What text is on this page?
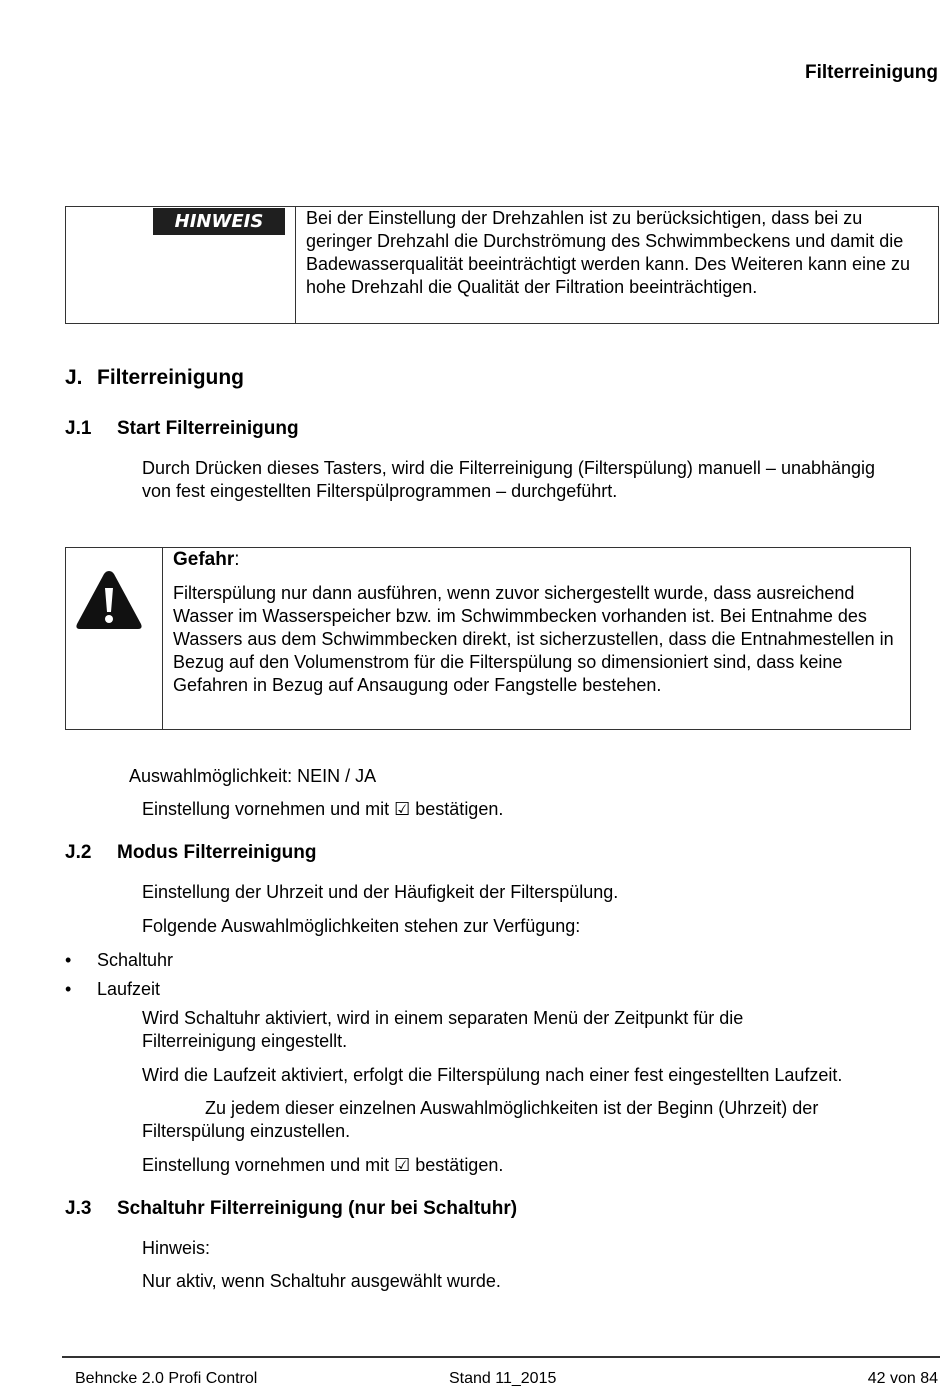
Filterreinigung
HINWEIS	Bei der Einstellung der Drehzahlen ist zu berücksichtigen, dass bei zu geringer Drehzahl die Durchströmung des Schwimmbeckens und damit die Badewasserqualität beeinträchtigt werden kann. Des Weiteren kann eine zu hohe Drehzahl die Qualität der Filtration beeinträchtigen.
J. Filterreinigung
J.1 Start Filterreinigung
Durch Drücken dieses Tasters, wird die Filterreinigung (Filterspülung) manuell – unabhängig von fest eingestellten Filterspülprogrammen – durchgeführt.
Gefahr:
Filterspülung nur dann ausführen, wenn zuvor sichergestellt wurde, dass ausreichend Wasser im Wasserspeicher bzw. im Schwimmbecken vorhanden ist. Bei Entnahme des Wassers aus dem Schwimmbecken direkt, ist sicherzustellen, dass die Entnahmestellen in Bezug auf den Volumenstrom für die Filterspülung so dimensioniert sind, dass keine Gefahren in Bezug auf Ansaugung oder Fangstelle bestehen.
Auswahlmöglichkeit: NEIN / JA
Einstellung vornehmen und mit ☑ bestätigen.
J.2 Modus Filterreinigung
Einstellung der Uhrzeit und der Häufigkeit der Filterspülung.
Folgende Auswahlmöglichkeiten stehen zur Verfügung:
• Schaltuhr
• Laufzeit
Wird Schaltuhr aktiviert, wird in einem separaten Menü der Zeitpunkt für die Filterreinigung eingestellt.
Wird die Laufzeit aktiviert, erfolgt die Filterspülung nach einer fest eingestellten Laufzeit.
Zu jedem dieser einzelnen Auswahlmöglichkeiten ist der Beginn (Uhrzeit) der Filterspülung einzustellen.
Einstellung vornehmen und mit ☑ bestätigen.
J.3 Schaltuhr Filterreinigung (nur bei Schaltuhr)
Hinweis:
Nur aktiv, wenn Schaltuhr ausgewählt wurde.
Behncke 2.0 Profi Control	Stand 11_2015	42 von 84
